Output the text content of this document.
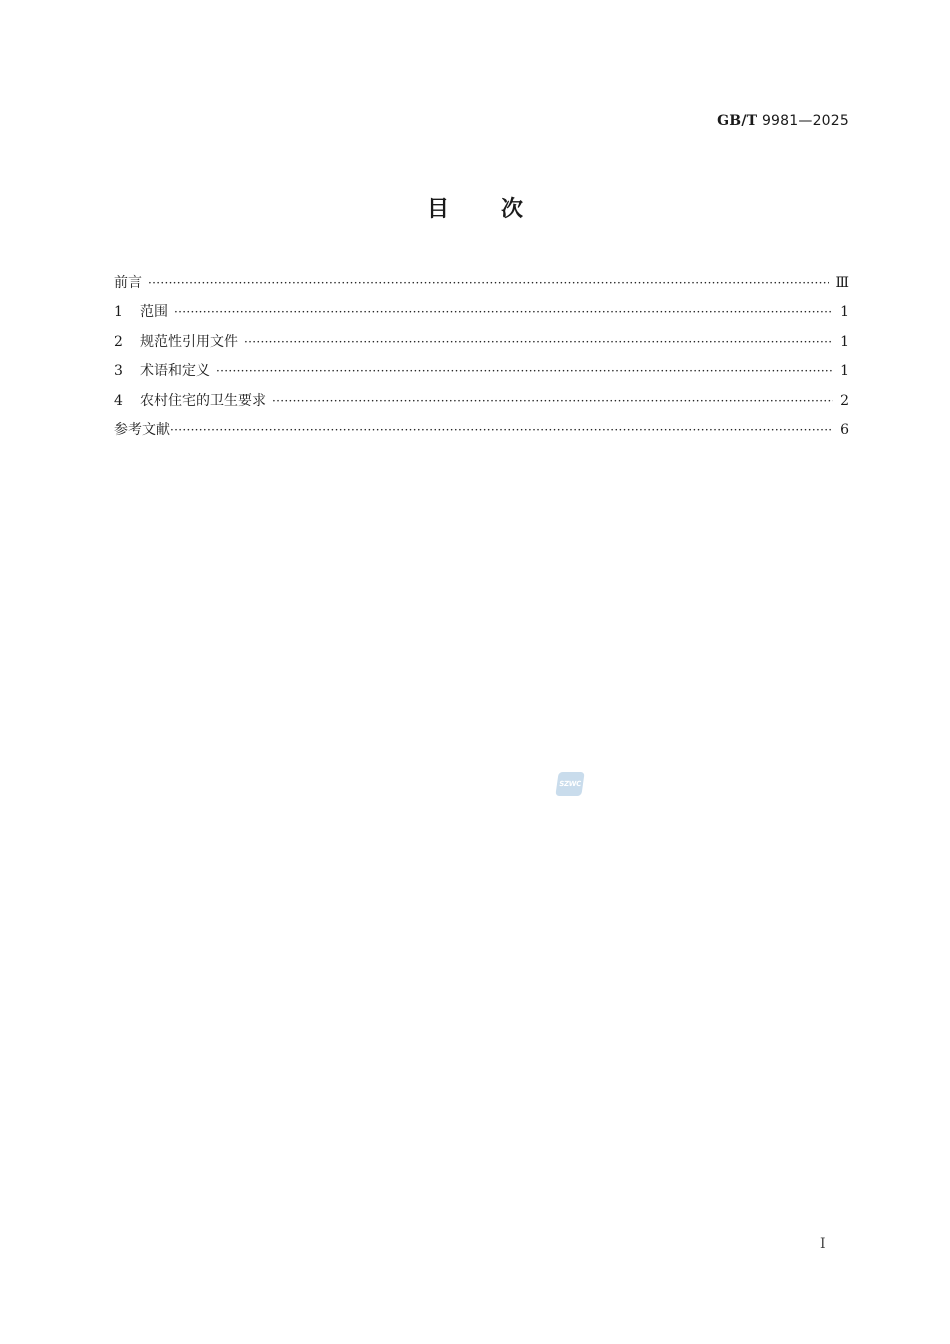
GB/T 9981—2025
目次
前言 ·····	Ⅲ
1	范围 ·····	1
2	规范性引用文件 ·····	1
3	术语和定义 ·····	1
4	农村住宅的卫生要求 ·····	2
参考文献 ·····	6
SZWC
I
